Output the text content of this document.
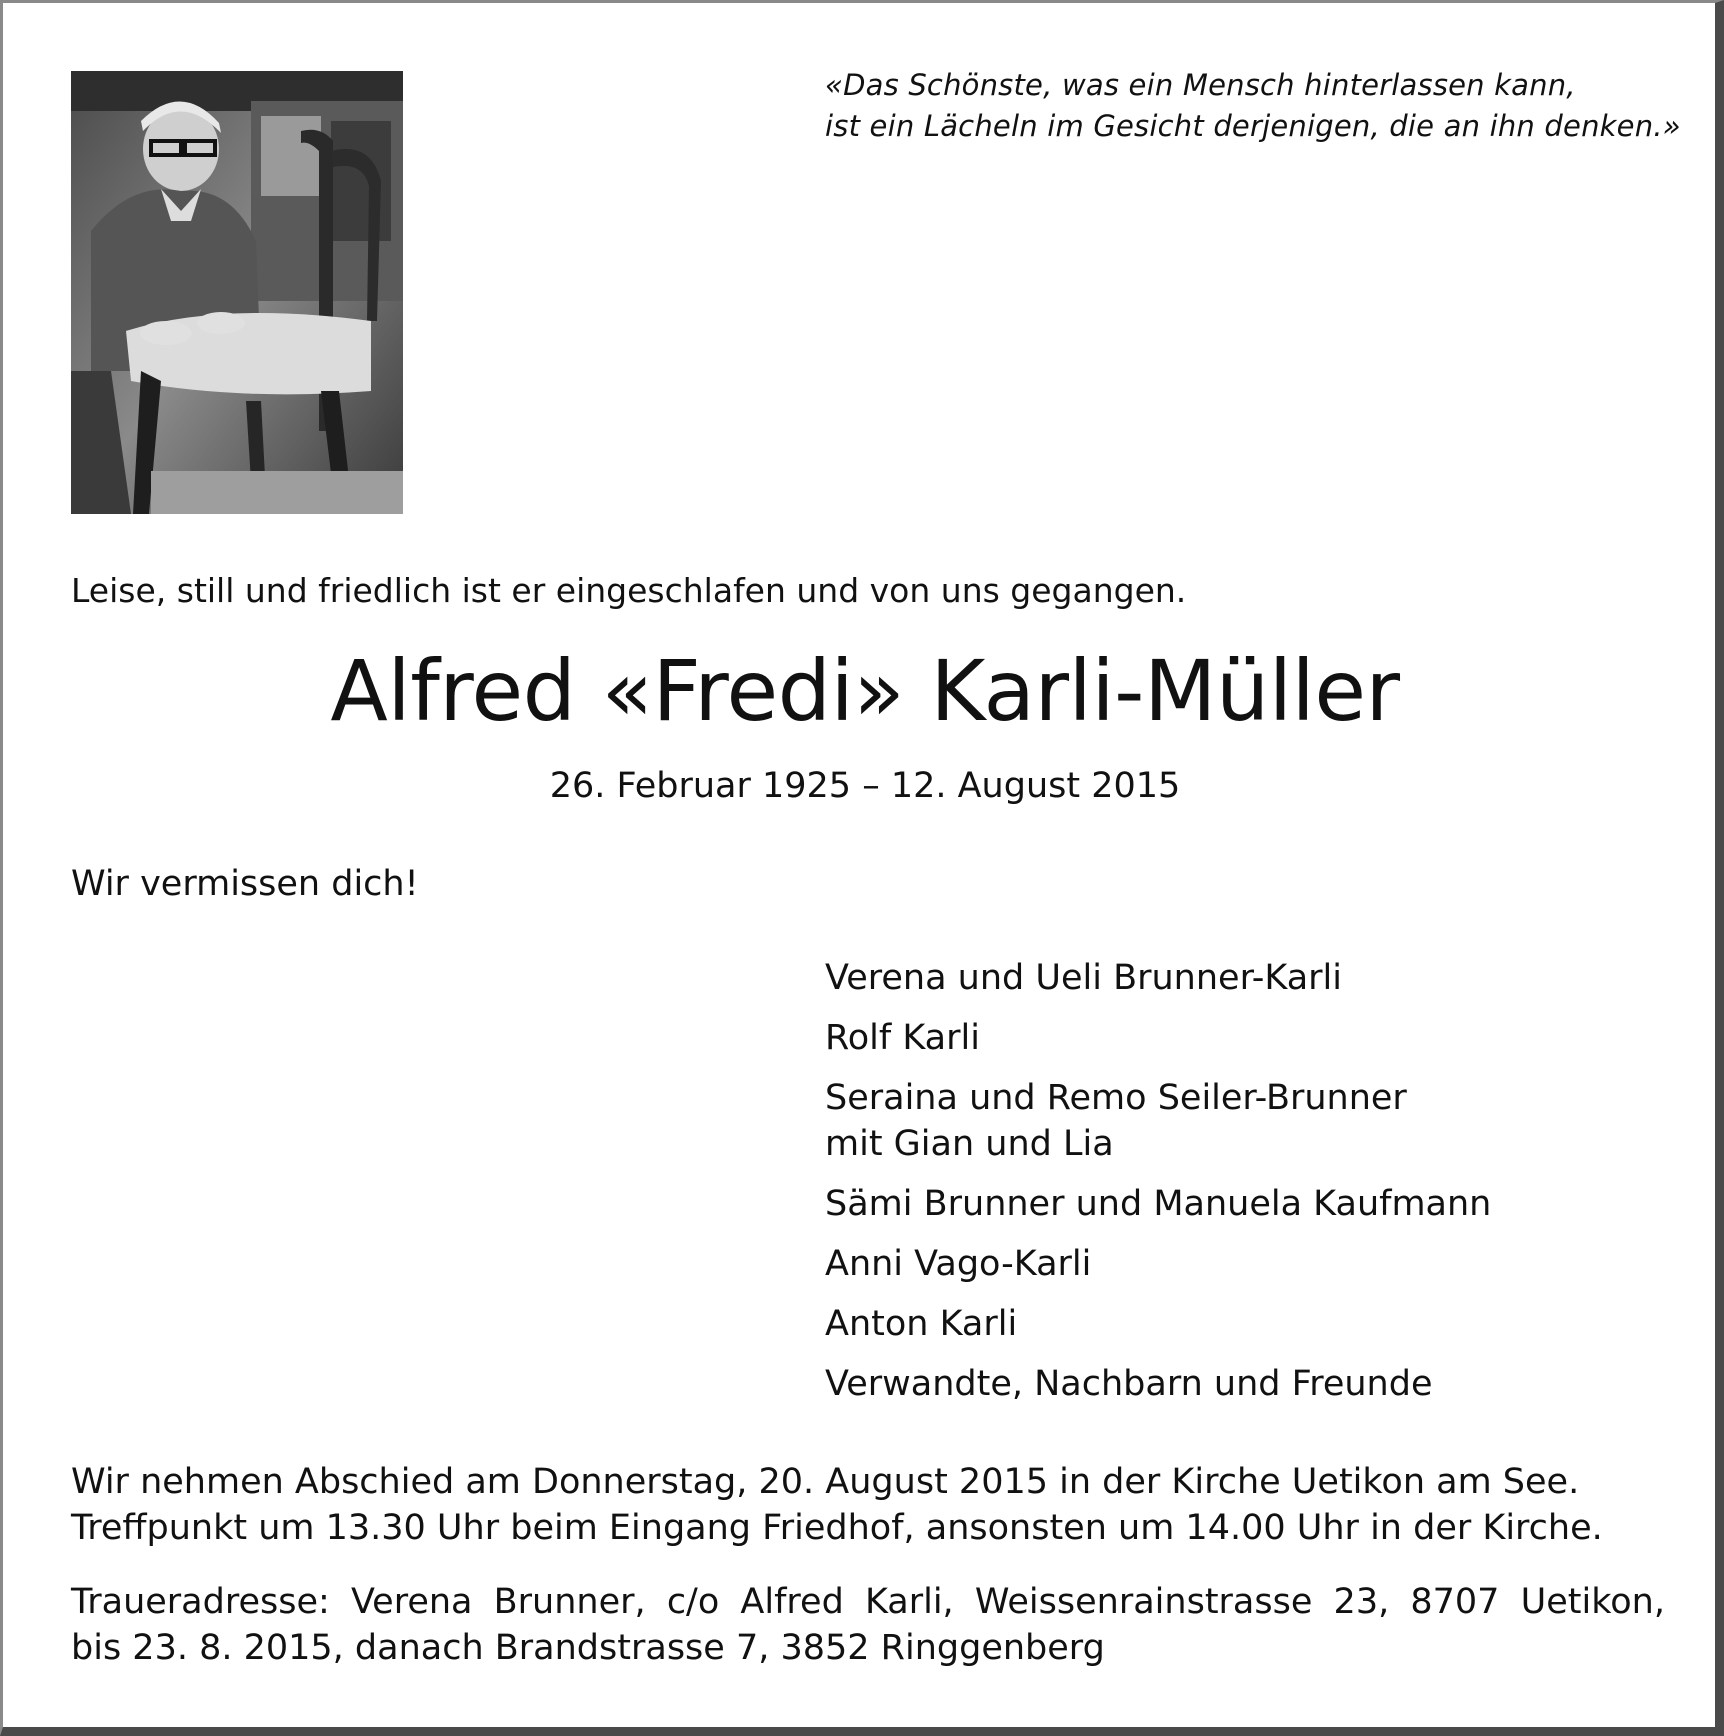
«Das Schönste, was ein Mensch hinterlassen kann,
ist ein Lächeln im Gesicht derjenigen, die an ihn denken.»
Leise, still und friedlich ist er eingeschlafen und von uns gegangen.
Alfred «Fredi» Karli-Müller
26. Februar 1925 – 12. August 2015
Wir vermissen dich!
Verena und Ueli Brunner-Karli
Rolf Karli
Seraina und Remo Seiler-Brunner
mit Gian und Lia
Sämi Brunner und Manuela Kaufmann
Anni Vago-Karli
Anton Karli
Verwandte, Nachbarn und Freunde
Wir nehmen Abschied am Donnerstag, 20. August 2015 in der Kirche Uetikon am See.
Treffpunkt um 13.30 Uhr beim Eingang Friedhof, ansonsten um 14.00 Uhr in der Kirche.
Traueradresse: Verena Brunner, c/o Alfred Karli, Weissenrainstrasse 23, 8707 Uetikon,
bis 23. 8. 2015, danach Brandstrasse 7, 3852 Ringgenberg
